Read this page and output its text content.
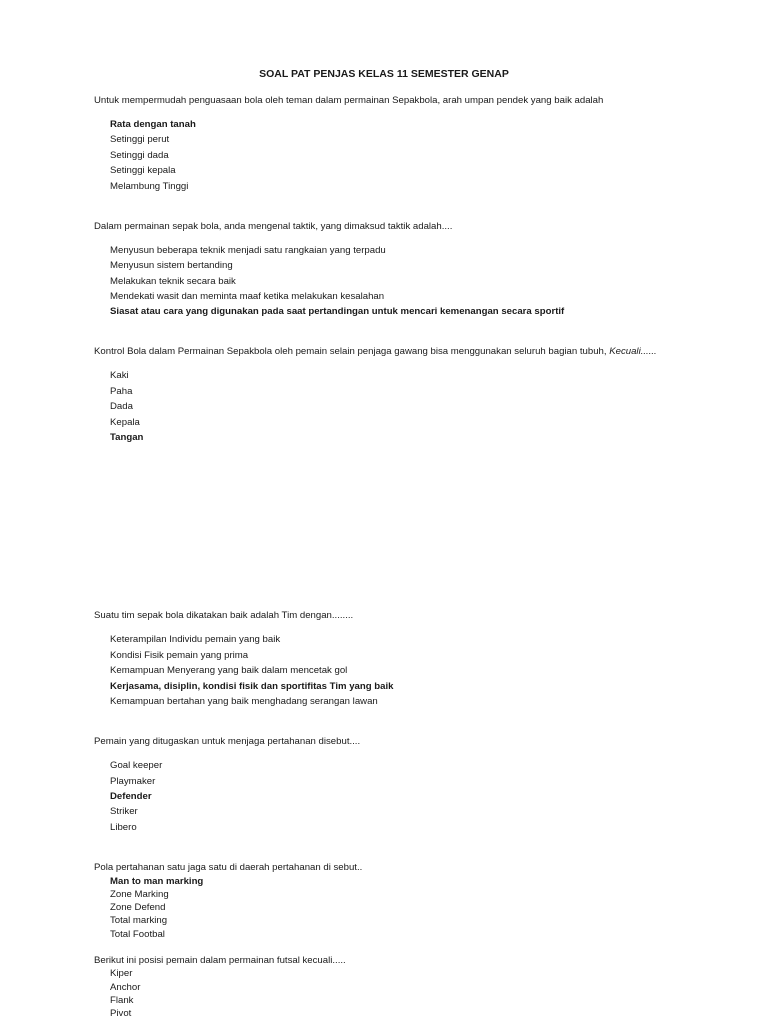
SOAL PAT PENJAS KELAS 11 SEMESTER GENAP
Untuk mempermudah penguasaan bola oleh teman dalam permainan Sepakbola, arah umpan pendek yang baik adalah
Rata dengan tanah
Setinggi perut
Setinggi dada
Setinggi kepala
Melambung Tinggi
Dalam permainan sepak bola, anda mengenal taktik, yang dimaksud taktik adalah....
Menyusun beberapa teknik menjadi satu rangkaian yang terpadu
Menyusun sistem bertanding
Melakukan teknik secara baik
Mendekati wasit dan meminta maaf ketika melakukan kesalahan
Siasat atau cara yang digunakan pada saat pertandingan untuk mencari kemenangan secara sportif
Kontrol Bola dalam Permainan Sepakbola oleh pemain selain penjaga gawang bisa menggunakan seluruh bagian tubuh, Kecuali......
Kaki
Paha
Dada
Kepala
Tangan
Suatu tim sepak bola dikatakan baik adalah Tim dengan........
Keterampilan Individu pemain yang baik
Kondisi Fisik pemain yang prima
Kemampuan Menyerang yang baik dalam mencetak gol
Kerjasama, disiplin, kondisi fisik dan sportifitas Tim yang baik
Kemampuan bertahan yang baik menghadang serangan lawan
Pemain yang ditugaskan untuk menjaga pertahanan disebut....
Goal keeper
Playmaker
Defender
Striker
Libero
Pola pertahanan satu jaga satu di daerah pertahanan di sebut..
Man to man marking
Zone Marking
Zone Defend
Total marking
Total Footbal
Berikut ini posisi pemain dalam permainan futsal kecuali.....
Kiper
Anchor
Flank
Pivot
